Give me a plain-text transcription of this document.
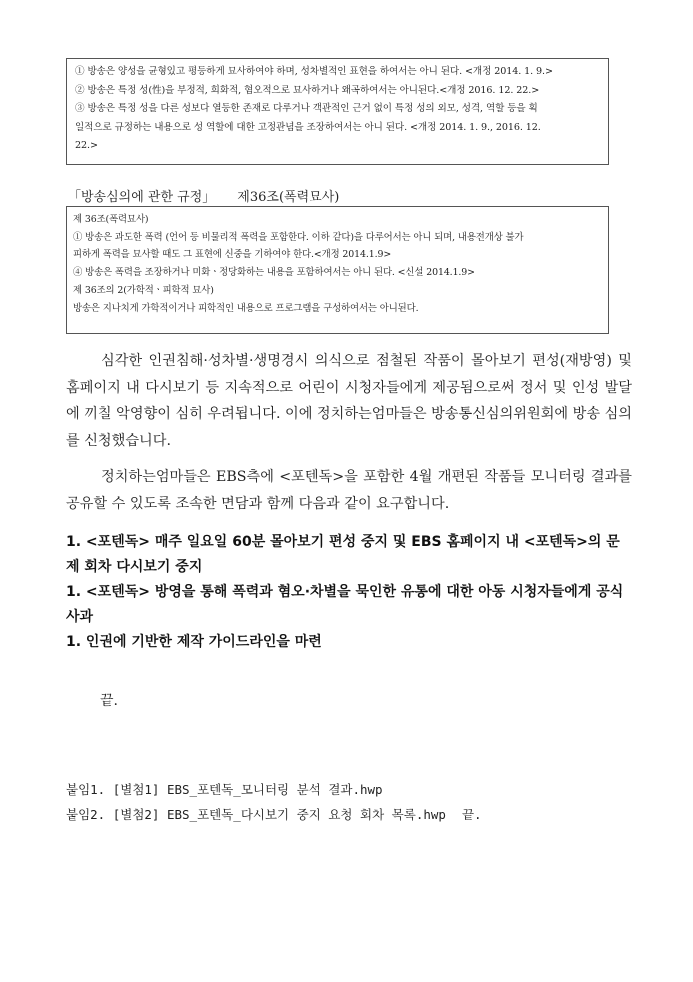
① 방송은 양성을 균형있고 평등하게 묘사하여야 하며, 성차별적인 표현을 하여서는 아니 된다. <개정 2014. 1. 9.>
② 방송은 특정 성(性)을 부정적, 희화적, 혐오적으로 묘사하거나 왜곡하여서는 아니된다.<개정 2016. 12. 22.>
③ 방송은 특정 성을 다른 성보다 열등한 존재로 다루거나 객관적인 근거 없이 특정 성의 외모, 성격, 역할 등을 획
일적으로 규정하는 내용으로 성 역할에 대한 고정관념을 조장하여서는 아니 된다. <개정 2014. 1. 9., 2016. 12.
22.>
「방송심의에 관한 규정」 제36조(폭력묘사)
제 36조(폭력묘사)
① 방송은 과도한 폭력 (언어 등 비물리적 폭력을 포함한다. 이하 같다)을 다루어서는 아니 되며, 내용전개상 불가
피하게 폭력을 묘사할 때도 그 표현에 신중을 기하여야 한다.<개정 2014.1.9>
④ 방송은 폭력을 조장하거나 미화ㆍ정당화하는 내용을 포함하여서는 아니 된다. <신설 2014.1.9>
제 36조의 2(가학적ㆍ피학적 묘사)
방송은 지나치게 가학적이거나 피학적인 내용으로 프로그램을 구성하여서는 아니된다.
심각한 인권침해·성차별·생명경시 의식으로 점철된 작품이 몰아보기 편성(재방영) 및 홈페이지 내 다시보기 등 지속적으로 어린이 시청자들에게 제공됨으로써 정서 및 인성 발달에 끼칠 악영향이 심히 우려됩니다. 이에 정치하는엄마들은 방송통신심의위원회에 방송 심의를 신청했습니다.
정치하는엄마들은 EBS측에 <포텐독>을 포함한 4월 개편된 작품들 모니터링 결과를 공유할 수 있도록 조속한 면담과 함께 다음과 같이 요구합니다.
1. <포텐독> 매주 일요일 60분 몰아보기 편성 중지 및 EBS 홈페이지 내 <포텐독>의 문제 회차 다시보기 중지
1. <포텐독> 방영을 통해 폭력과 혐오·차별을 묵인한 유통에 대한 아동 시청자들에게 공식 사과
1. 인권에 기반한 제작 가이드라인을 마련
끝.
붙임1. [별첨1] EBS_포텐독_모니터링 분석 결과.hwp
붙임2. [별첨2] EBS_포텐독_다시보기 중지 요청 회차 목록.hwp 끝.
